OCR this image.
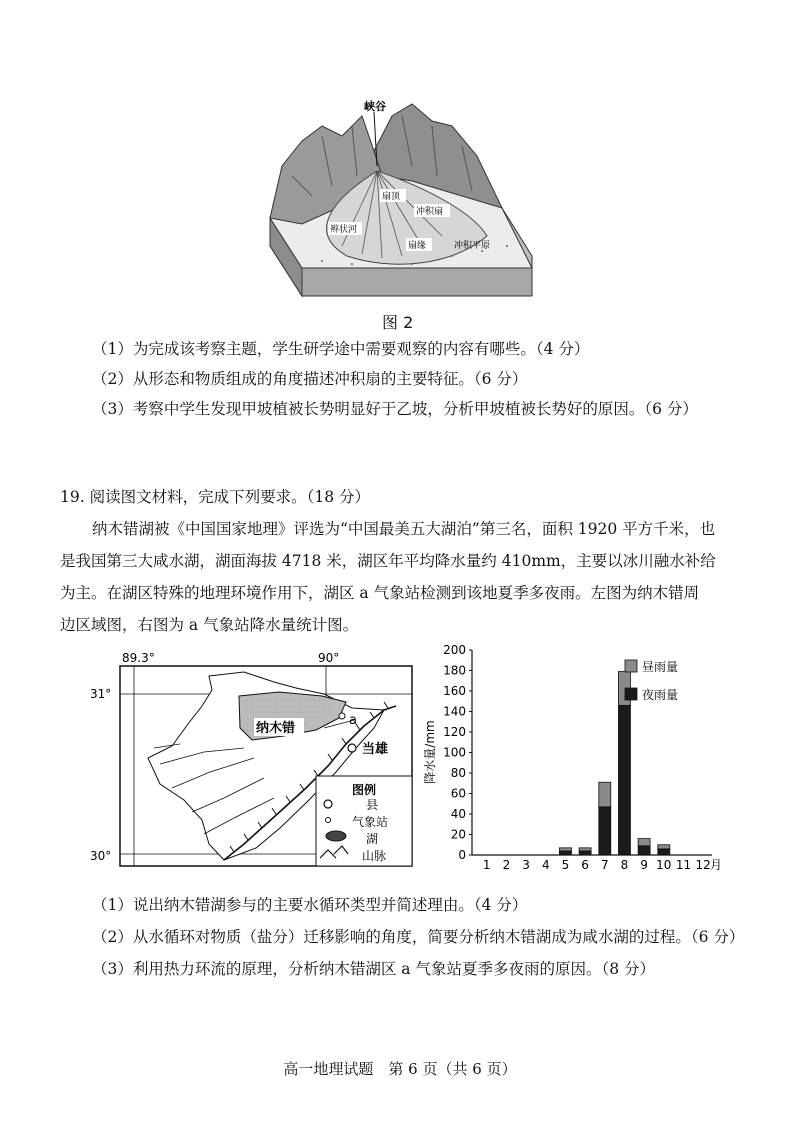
峡谷
扇顶
冲积扇
辫状河
扇缘	冲积平原
图 2
（1）为完成该考察主题，学生研学途中需要观察的内容有哪些。（4 分）
（2）从形态和物质组成的角度描述冲积扇的主要特征。（6 分）
（3）考察中学生发现甲坡植被长势明显好于乙坡，分析甲坡植被长势好的原因。（6 分）
19. 阅读图文材料，完成下列要求。（18 分）
纳木错湖被《中国国家地理》评选为“中国最美五大湖泊”第三名，面积 1920 平方千米，也
是我国第三大咸水湖，湖面海拔 4718 米，湖区年平均降水量约 410mm，主要以冰川融水补给
为主。在湖区特殊的地理环境作用下，湖区 a 气象站检测到该地夏季多夜雨。左图为纳木错周
边区域图，右图为 a 气象站降水量统计图。
89.3°	90°
31°
30°
纳木错
a
当雄
图例
县
气象站
湖
山脉	0
20
40
60
80
100
120
140
160
180
200
降水量/mm
1 2 3 4 5 6 7 8 9 10 11 12 月
昼雨量
夜雨量
（1）说出纳木错湖参与的主要水循环类型并简述理由。（4 分）
（2）从水循环对物质（盐分）迁移影响的角度，简要分析纳木错湖成为咸水湖的过程。（6 分）
（3）利用热力环流的原理，分析纳木错湖区 a 气象站夏季多夜雨的原因。（8 分）
高一地理试题　第 6 页（共 6 页）
